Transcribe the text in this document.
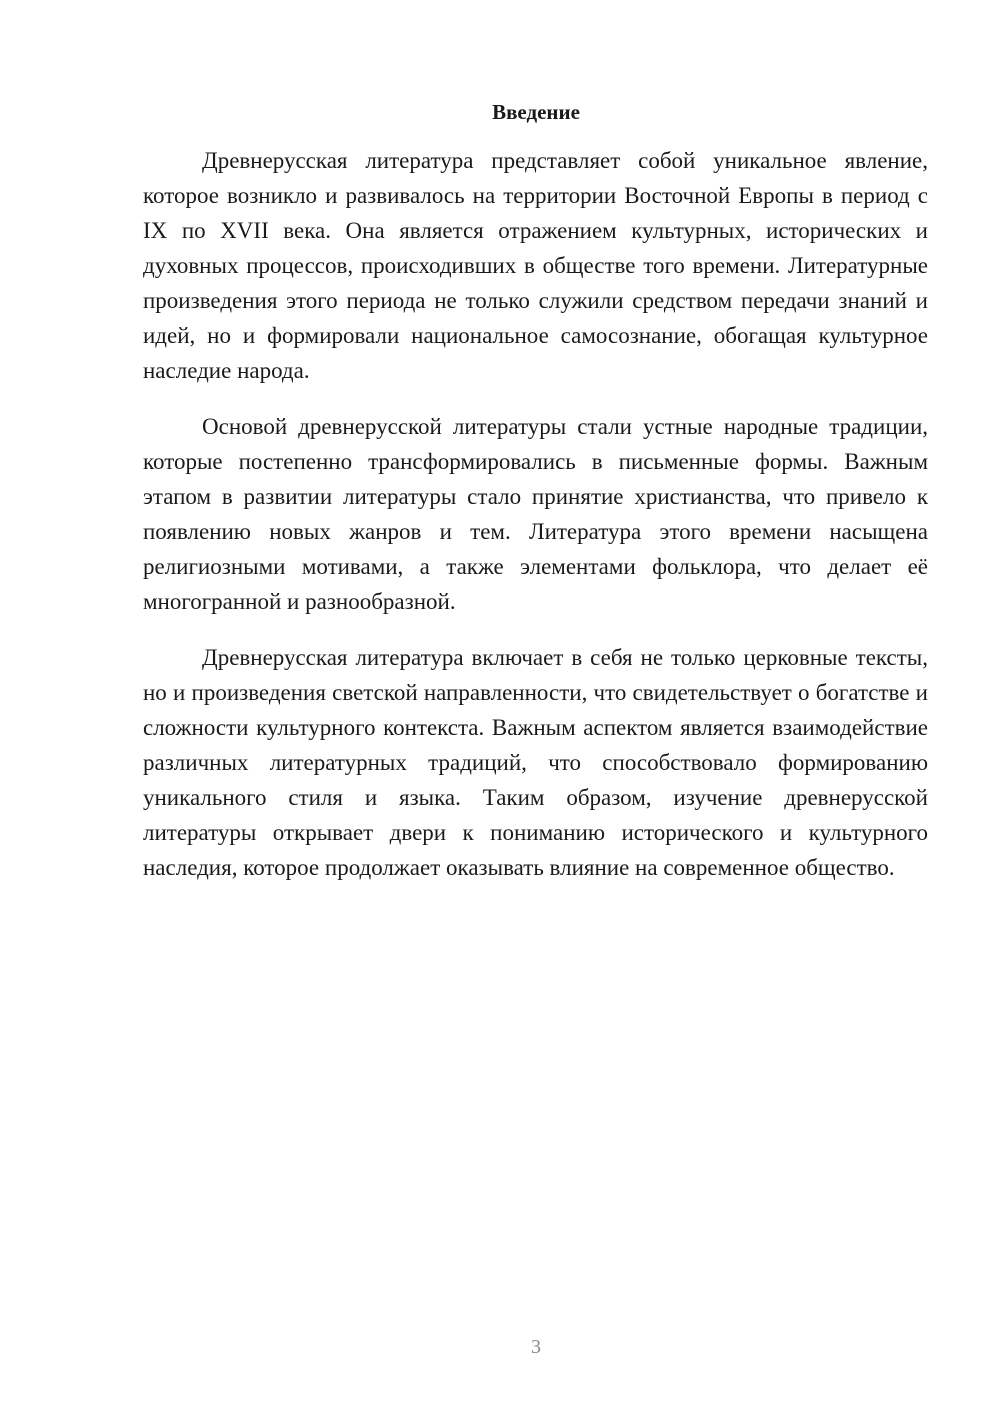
Введение

Древнерусская литература представляет собой уникальное явление, которое возникло и развивалось на территории Восточной Европы в период с IX по XVII века. Она является отражением культурных, исторических и духовных процессов, происходивших в обществе того времени. Литературные произведения этого периода не только служили средством передачи знаний и идей, но и формировали национальное самосознание, обогащая культурное наследие народа.

Основой древнерусской литературы стали устные народные традиции, которые постепенно трансформировались в письменные формы. Важным этапом в развитии литературы стало принятие христианства, что привело к появлению новых жанров и тем. Литература этого времени насыщена религиозными мотивами, а также элементами фольклора, что делает её многогранной и разнообразной.

Древнерусская литература включает в себя не только церковные тексты, но и произведения светской направленности, что свидетельствует о богатстве и сложности культурного контекста. Важным аспектом является взаимодействие различных литературных традиций, что способствовало формированию уникального стиля и языка. Таким образом, изучение древнерусской литературы открывает двери к пониманию исторического и культурного наследия, которое продолжает оказывать влияние на современное общество.

3
